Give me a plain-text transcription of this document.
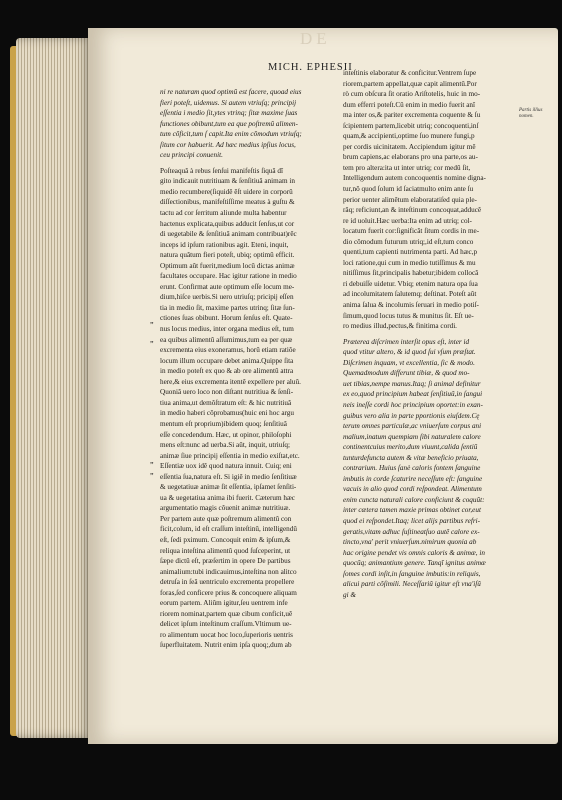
DE
MICH. EPHESII
Partis illius nomen.
„
„
„
„

ni re naturam quod optimũ est facere, quoad eius

fieri poteſt, uidemus. Si autem vtriuſq; principij

eſſentia i medio ſit,ytes vtrinq; ſitæ maxime ſuas

functiones obibunt,tum ea que poſtremũ alimen-

tum cõficit,tum ſ capit.Ita enim cõmodum vtriuſq;

ſitum cor habuerit. Ad hæc medius ipſius locus,

ceu principi conuenit.

Poſteaquã à rebus ſenſui manifeſtis ſiquã dĩ

gito indicauit nutritiuam & ſenſitiuã animam in

medio recumbere(ſiquidẽ ẽſt uidere in corporũ

diſſectionibus, manifeſtiſſime meatus à guſtu &

tactu ad cor ſerritum aliunde multa habentur

hactenus explicata,quibus adducit ſenſus,ut cor

di uegetabile & ſenſitiuã animam contribuat)rẽc

inceps id ipſum rationibus agit. Eteni, inquit,

natura quãtum fieri poteſt, ubiq; optimũ efficit.

Optimum aũt fuerit,medium locũ dictas animæ

facultates occupare. Hac igitur ratione in medio

erunt. Confirmat aute optimum eſſe locum me-

dium,hiſce uerbis.Si uero utriuſq; pricipij eſſen

tia in medio ſit, maxime partes utrinq; ſitæ ſun-

ctiones ſuas obibunt. Horum ſenſus eſt. Quate-

nus locus medius, inter organa medius eſt, tum

ea quibus alimentũ aſſumimus,tum ea per quæ

excrementa eius exoneramus, horũ etiam ratiõe

locum illum occupare debet anima.Quippe ſita

in medio poteſt ex quo & ab ore alimentũ attra

here,& eius excrementa itentẽ expellere per aluũ.

Quoniã uero loco non diſtant nutritiua & ſenſi-

tiua anima,ut demõſtratum eſt: & hic nutritiuã

in medio haberi cõprobamus(huic eni hoc argu

mentum eſt proprium)ibidem quoq; ſenſitiuã

eſſe concedendum. Hæc, ut opinor, philoſophi

mens eſt:nunc ad uerba.Si aũt, inquit, utriuſq;

animæ ſiue principij eſſentia in medio exiſtat,etc.

Eſſentiæ uox idẽ quod natura innuit. Cuiq; eni

eſſentia ſua,natura eſt. Si igiẽ in medio ſenſitiuæ

& uegetatiuæ animæ ſit eſſentia, ipſamet ſenſiti-

ua & uegetatiua anima ibi fuerit. Cæterum hæc

argumentatio magis cõuenit animæ nutritiuæ.

Per partem aute quæ poſtremum alimentũ con

ficit,colum, id eſt craſſum inteſtinũ, intelligendũ

eſt, ſedi pximum. Concoquit enim & ipſum,&

reliqua inteſtina alimentũ quod ſuſceperint, ut

ſæpe dictũ eſt, præſertim in opere De partibus

animalium:tubi indicauimus,inteſtina non alitco

detruſa in ſeã uentriculo excrementa propellere

foras,ſed conficere prius & concoquere aliquam

eorum partem. Aliũm igitur,ſeu uentrem infe

riorem nominat,partem quæ cibum conficit,uẽ

delicet ipſum inteſtinum craſſum.Vltimum ue-

ro alimentum uocat hoc loco,ſuperioris uentris

ſuperfluitatem. Nutrit enim ipſa quoq;,dum ab

inteſtinis elaboratur & conficitur.Ventrem ſupe

riorem,partem appellat,quæ capit alimentũ.Por

rò cum obſcura ſit oratio Ariſtotelis, huic in mo-

dum efferri poteſt.Cũ enim in medio fuerit anĩ

ma inter os,& pariter excrementa coquente & ſu

ſcipientem partem,licebit utriq; concoquenti,inſ

quam,& accipienti,optime ſuo munere fungi,p

per cordis uicinitatem. Accipiendum igitur mẽ

brum capiens,ac elaborans pro una parte,os au-

tem pro altera:ita ut inter utriq; cor medũ ſit,

Intelligendum autem concoquentis nomine digna-

tur,nõ quod ſolum id ſaciatmulto enim ante ſu

perior uenter alimẽtum elaboratatiſed quia ple-

rãq; reficiunt,an & inteſtinum concoquat,adducẽ

re id uoluit.Hæc uerba:Ita enim ad utriq; col-

locatum fuerit cor:ſignificãt ſitum cordis in me-

dio cõmodum futurum utriq;,id eſt,tum conco

quenti,tum capienti nutrimenta parti. Ad hæc,p

loci ratione,qui cum in medio tutiſſimus & mu

nitiſſimus ſit,principalis habetur;ibidem collocã

ri debuiſſe uidetur. Vbiq; etenim natura opa ſua

ad incolumitatem ſalutemq; deſtinat. Poteſt aũt

anima ſalua & incolumis ſeruari in medio potiſ-

ſimum,quod locus tutus & munitus ſit. Eſt ue-

ro medius illud,pectus,& finitima cordi.

Præterea diſcrimen interſit opus eſt, inter id

quod vtitur altero, & id quod ſui vſum præſtat.

Diſcrimen inquam, vt excellentia, ſic & modo.

Quemadmodum differunt tibiæ, & quod mo-

uet tibias,nempe manus.Itaq; ſi animal definitur

ex eo,quod principium habeat ſenſitiuũ,in ſangui

neis ineſſe cordi hoc principium oportet:in exan-

guibus vero alia in parte pportionis eiuſdem.Cę

terum omnes particulæ,ac vniuerſum corpus ani

malium,inatum quempiam ſibi naturalem calore

continentcuius merito,dum viuunt,calida ſentiũ

tunturdefuncta autem & vitæ beneficio priuata,

contrarium. Huius ſanè caloris fontem ſanguine

imbutis in corde ſcaturire neceſſum eſt: ſanguine

vacuis in alio quod cordi reſpondeat. Alimentum

enim cuncta naturali calore conficiunt & coquũt:

inter cætera tamen maxie primas obtinet cor,eut

quod ei reſpondet.Itaq; licet alijs partibus refri-

geratis,vitam adhuc ſuſtineatſuo autẽ calore ex-

tincto,vna' perit vniuerſum.nimirum quonia ab

hac origine pendet vis omnis caloris & animæ, in

quocũq; animantium genere. Tanqĩ ignitus animæ

ſomes cordi inſit,in ſanguine imbutis:in reliquis,

alicui parti cõſimili. Neceſſariũ igitur eſt vna'iſũ

gi &
